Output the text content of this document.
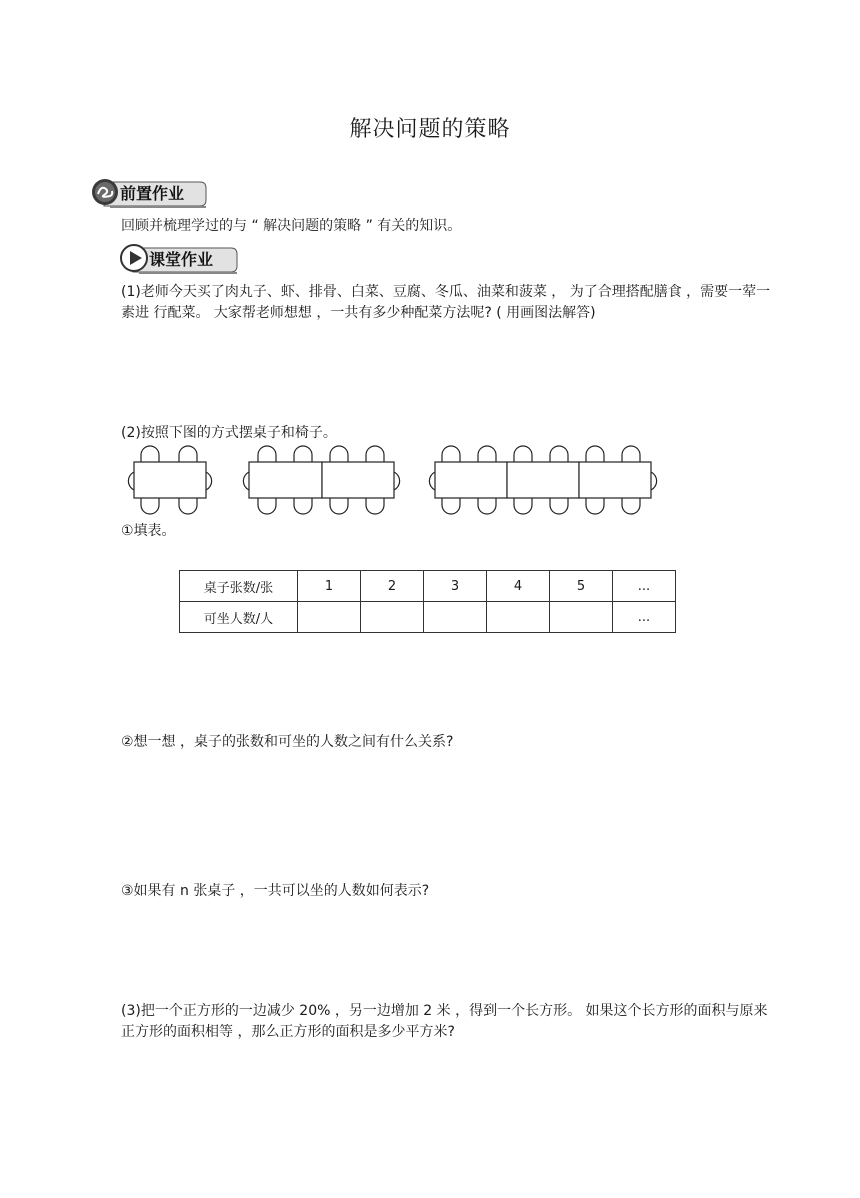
解决问题的策略
前置作业
回顾并梳理学过的与 “ 解决问题的策略 ” 有关的知识。
课堂作业
(1)老师今天买了肉丸子、虾、排骨、白菜、豆腐、冬瓜、油菜和菠菜 ， 为了合理搭配膳食 ，需要一荤一素进 行配菜。 大家帮老师想想 ，一共有多少种配菜方法呢? ( 用画图法解答)
(2)按照下图的方式摆桌子和椅子。
①填表。
桌子张数/张	1	2	3	4	5	...
可坐人数/人						...
②想一想 ，桌子的张数和可坐的人数之间有什么关系?
③如果有 n 张桌子 ，一共可以坐的人数如何表示?
(3)把一个正方形的一边减少 20% ，另一边增加 2 米 ，得到一个长方形。 如果这个长方形的面积与原来 正方形的面积相等 ，那么正方形的面积是多少平方米?
